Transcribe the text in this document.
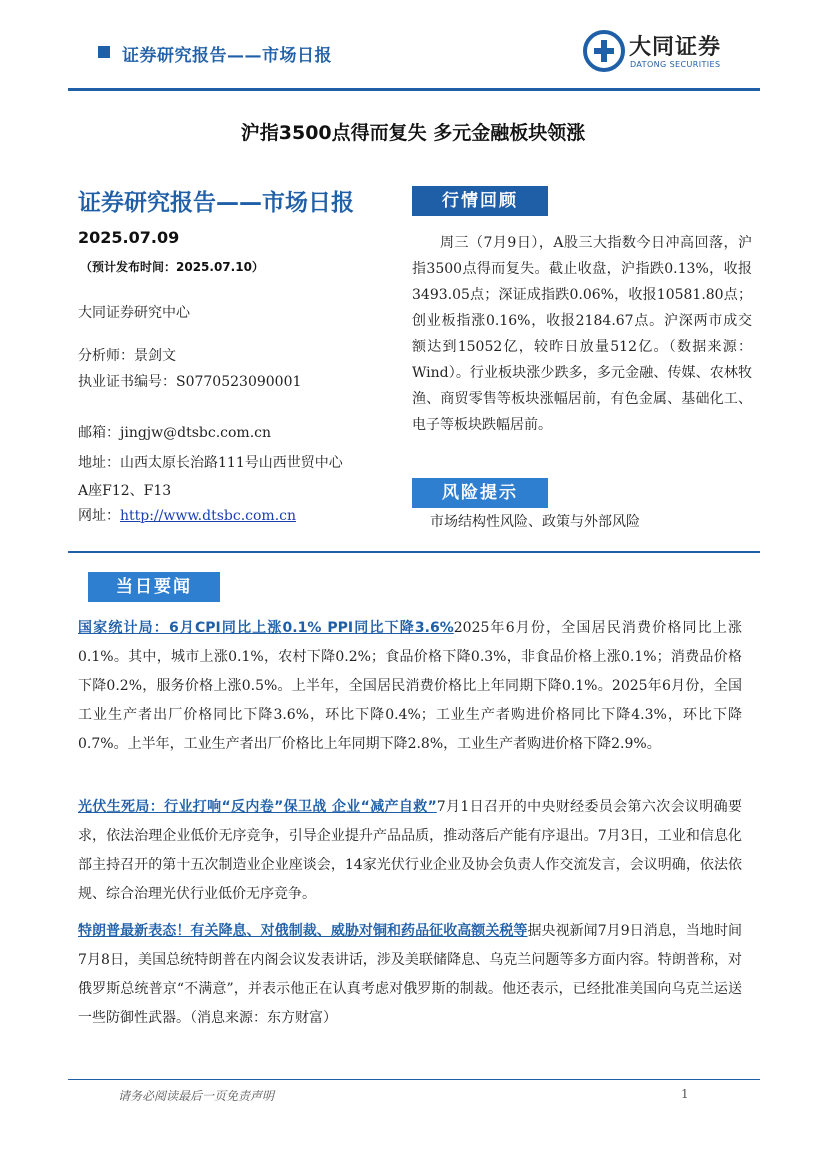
证券研究报告——市场日报	大同证券
DATONG SECURITIES
沪指3500点得而复失 多元金融板块领涨
证券研究报告——市场日报
2025.07.09
（预计发布时间：2025.07.10）
大同证券研究中心
分析师：景剑文
执业证书编号：S0770523090001
邮箱：jingjw@dtsbc.com.cn
地址：山西太原长治路111号山西世贸中心
A座F12、F13
网址：http://www.dtsbc.com.cn
行情回顾
周三（7月9日），A股三大指数今日冲高回落，沪指3500点得而复失。截止收盘，沪指跌0.13%，收报3493.05点；深证成指跌0.06%，收报10581.80点；创业板指涨0.16%，收报2184.67点。沪深两市成交额达到15052亿，较昨日放量512亿。（数据来源：Wind）。行业板块涨少跌多，多元金融、传媒、农林牧渔、商贸零售等板块涨幅居前，有色金属、基础化工、电子等板块跌幅居前。
风险提示
市场结构性风险、政策与外部风险
当日要闻
国家统计局：6月CPI同比上涨0.1% PPI同比下降3.6%2025年6月份，全国居民消费价格同比上涨0.1%。其中，城市上涨0.1%，农村下降0.2%；食品价格下降0.3%，非食品价格上涨0.1%；消费品价格下降0.2%，服务价格上涨0.5%。上半年，全国居民消费价格比上年同期下降0.1%。2025年6月份，全国工业生产者出厂价格同比下降3.6%，环比下降0.4%；工业生产者购进价格同比下降4.3%，环比下降0.7%。上半年，工业生产者出厂价格比上年同期下降2.8%，工业生产者购进价格下降2.9%。
光伏生死局：行业打响“反内卷”保卫战 企业“减产自救”7月1日召开的中央财经委员会第六次会议明确要求，依法治理企业低价无序竞争，引导企业提升产品品质，推动落后产能有序退出。7月3日，工业和信息化部主持召开的第十五次制造业企业座谈会，14家光伏行业企业及协会负责人作交流发言，会议明确，依法依规、综合治理光伏行业低价无序竞争。
特朗普最新表态！有关降息、对俄制裁、威胁对铜和药品征收高额关税等据央视新闻7月9日消息，当地时间7月8日，美国总统特朗普在内阁会议发表讲话，涉及美联储降息、乌克兰问题等多方面内容。特朗普称，对俄罗斯总统普京“不满意”，并表示他正在认真考虑对俄罗斯的制裁。他还表示，已经批准美国向乌克兰运送一些防御性武器。（消息来源：东方财富）
请务必阅读最后一页免责声明	1
